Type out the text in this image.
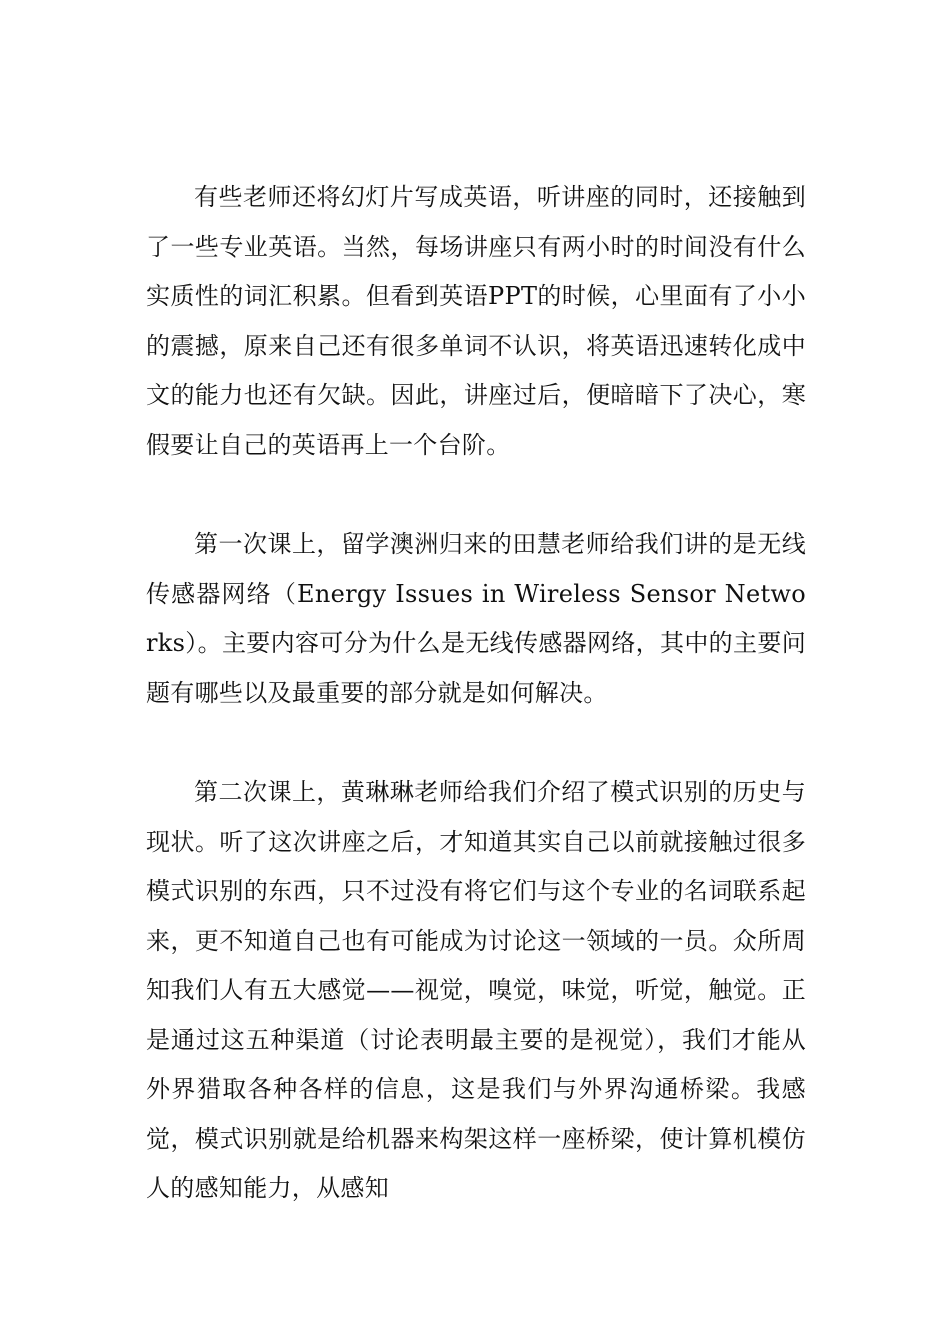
有些老师还将幻灯片写成英语，听讲座的同时，还接触到了一些专业英语。当然，每场讲座只有两小时的时间没有什么实质性的词汇积累。但看到英语PPT的时候，心里面有了小小的震撼，原来自己还有很多单词不认识，将英语迅速转化成中文的能力也还有欠缺。因此，讲座过后，便暗暗下了决心，寒假要让自己的英语再上一个台阶。

第一次课上，留学澳洲归来的田慧老师给我们讲的是无线传感器网络（Energy Issues in Wireless Sensor Networks）。主要内容可分为什么是无线传感器网络，其中的主要问题有哪些以及最重要的部分就是如何解决。

第二次课上，黄琳琳老师给我们介绍了模式识别的历史与现状。听了这次讲座之后，才知道其实自己以前就接触过很多模式识别的东西，只不过没有将它们与这个专业的名词联系起来，更不知道自己也有可能成为讨论这一领域的一员。众所周知我们人有五大感觉——视觉，嗅觉，味觉，听觉，触觉。正是通过这五种渠道（讨论表明最主要的是视觉），我们才能从外界猎取各种各样的信息，这是我们与外界沟通桥梁。我感觉，模式识别就是给机器来构架这样一座桥梁，使计算机模仿人的感知能力，从感知
